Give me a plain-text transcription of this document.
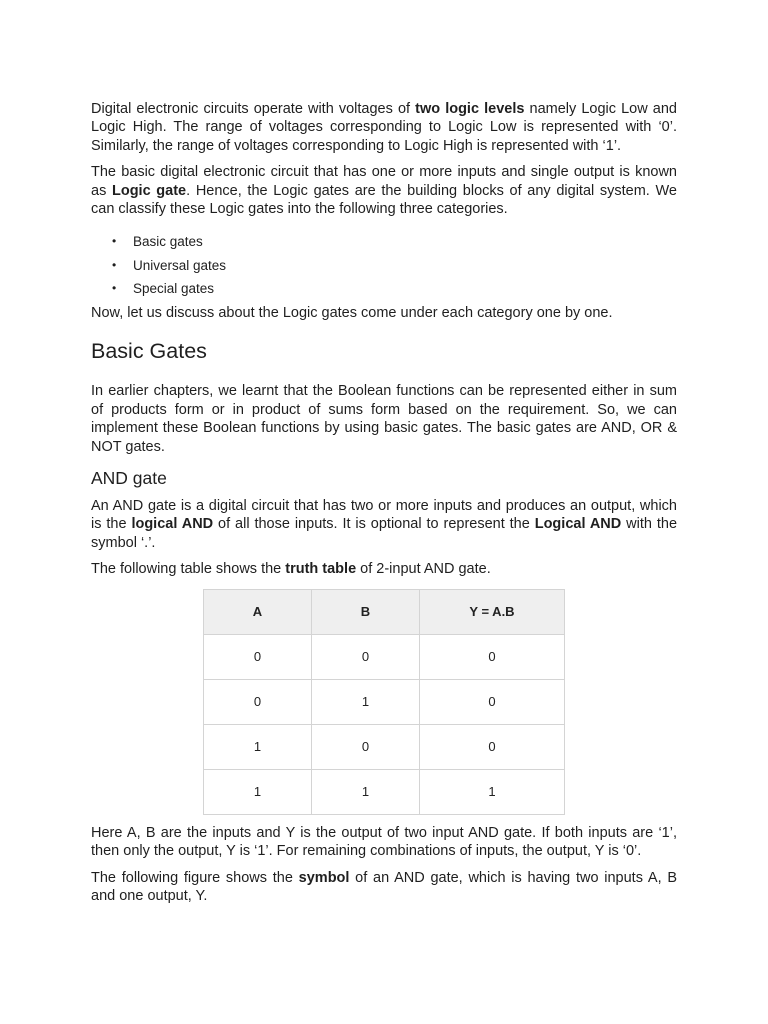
Digital electronic circuits operate with voltages of two logic levels namely Logic Low and Logic High. The range of voltages corresponding to Logic Low is represented with ‘0’. Similarly, the range of voltages corresponding to Logic High is represented with ‘1’.

The basic digital electronic circuit that has one or more inputs and single output is known as Logic gate. Hence, the Logic gates are the building blocks of any digital system. We can classify these Logic gates into the following three categories.

• Basic gates
• Universal gates
• Special gates

Now, let us discuss about the Logic gates come under each category one by one.

Basic Gates

In earlier chapters, we learnt that the Boolean functions can be represented either in sum of products form or in product of sums form based on the requirement. So, we can implement these Boolean functions by using basic gates. The basic gates are AND, OR & NOT gates.

AND gate

An AND gate is a digital circuit that has two or more inputs and produces an output, which is the logical AND of all those inputs. It is optional to represent the Logical AND with the symbol ‘.’.

The following table shows the truth table of 2-input AND gate.

A	B	Y = A.B
0	0	0
0	1	0
1	0	0
1	1	1

Here A, B are the inputs and Y is the output of two input AND gate. If both inputs are ‘1’, then only the output, Y is ‘1’. For remaining combinations of inputs, the output, Y is ‘0’.

The following figure shows the symbol of an AND gate, which is having two inputs A, B and one output, Y.
